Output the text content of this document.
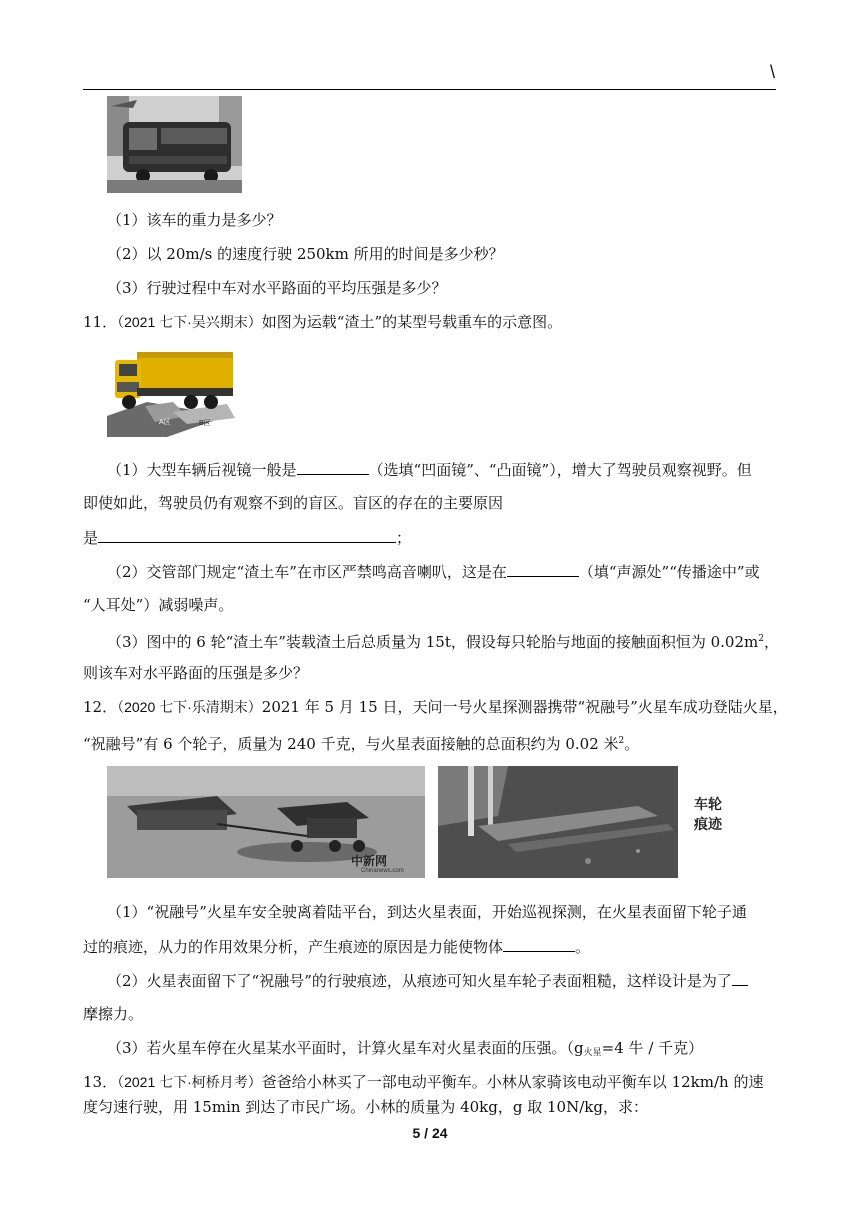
\
（1）该车的重力是多少？
（2）以 20m/s 的速度行驶 250km 所用的时间是多少秒？
（3）行驶过程中车对水平路面的平均压强是多少？
11．（2021 七下·吴兴期末）如图为运载“渣土”的某型号载重车的示意图。
A区	B区
（1）大型车辆后视镜一般是	（选填“凹面镜”、“凸面镜”），增大了驾驶员观察视野。但
即使如此，驾驶员仍有观察不到的盲区。盲区的存在的主要原因
是	；
（2）交管部门规定“渣土车”在市区严禁鸣高音喇叭，这是在	（填“声源处”“传播途中”或
“人耳处”）减弱噪声。
（3）图中的 6 轮“渣土车”装载渣土后总质量为 15t，假设每只轮胎与地面的接触面积恒为 $0.02m^2$，
则该车对水平路面的压强是多少？
12．（2020 七下·乐清期末）2021 年 5 月 15 日，天问一号火星探测器携带“祝融号”火星车成功登陆火星，
“祝融号”有 6 个轮子，质量为 240 千克，与火星表面接触的总面积约为 0.02 米$^2$。
中新网
Chinanews.com
车轮
痕迹
（1）“祝融号”火星车安全驶离着陆平台，到达火星表面，开始巡视探测，在火星表面留下轮子通
过的痕迹，从力的作用效果分析，产生痕迹的原因是力能使物体	。
（2）火星表面留下了“祝融号”的行驶痕迹，从痕迹可知火星车轮子表面粗糙，这样设计是为了
摩擦力。
（3）若火星车停在火星某水平面时，计算火星车对火星表面的压强。（$g_{火星}=4$ 牛 / 千克）
13．（2021 七下·柯桥月考）爸爸给小林买了一部电动平衡车。小林从家骑该电动平衡车以 12km/h 的速
度匀速行驶，用 15min 到达了市民广场。小林的质量为 40kg，g 取 10N/kg，求：
5 / 24
